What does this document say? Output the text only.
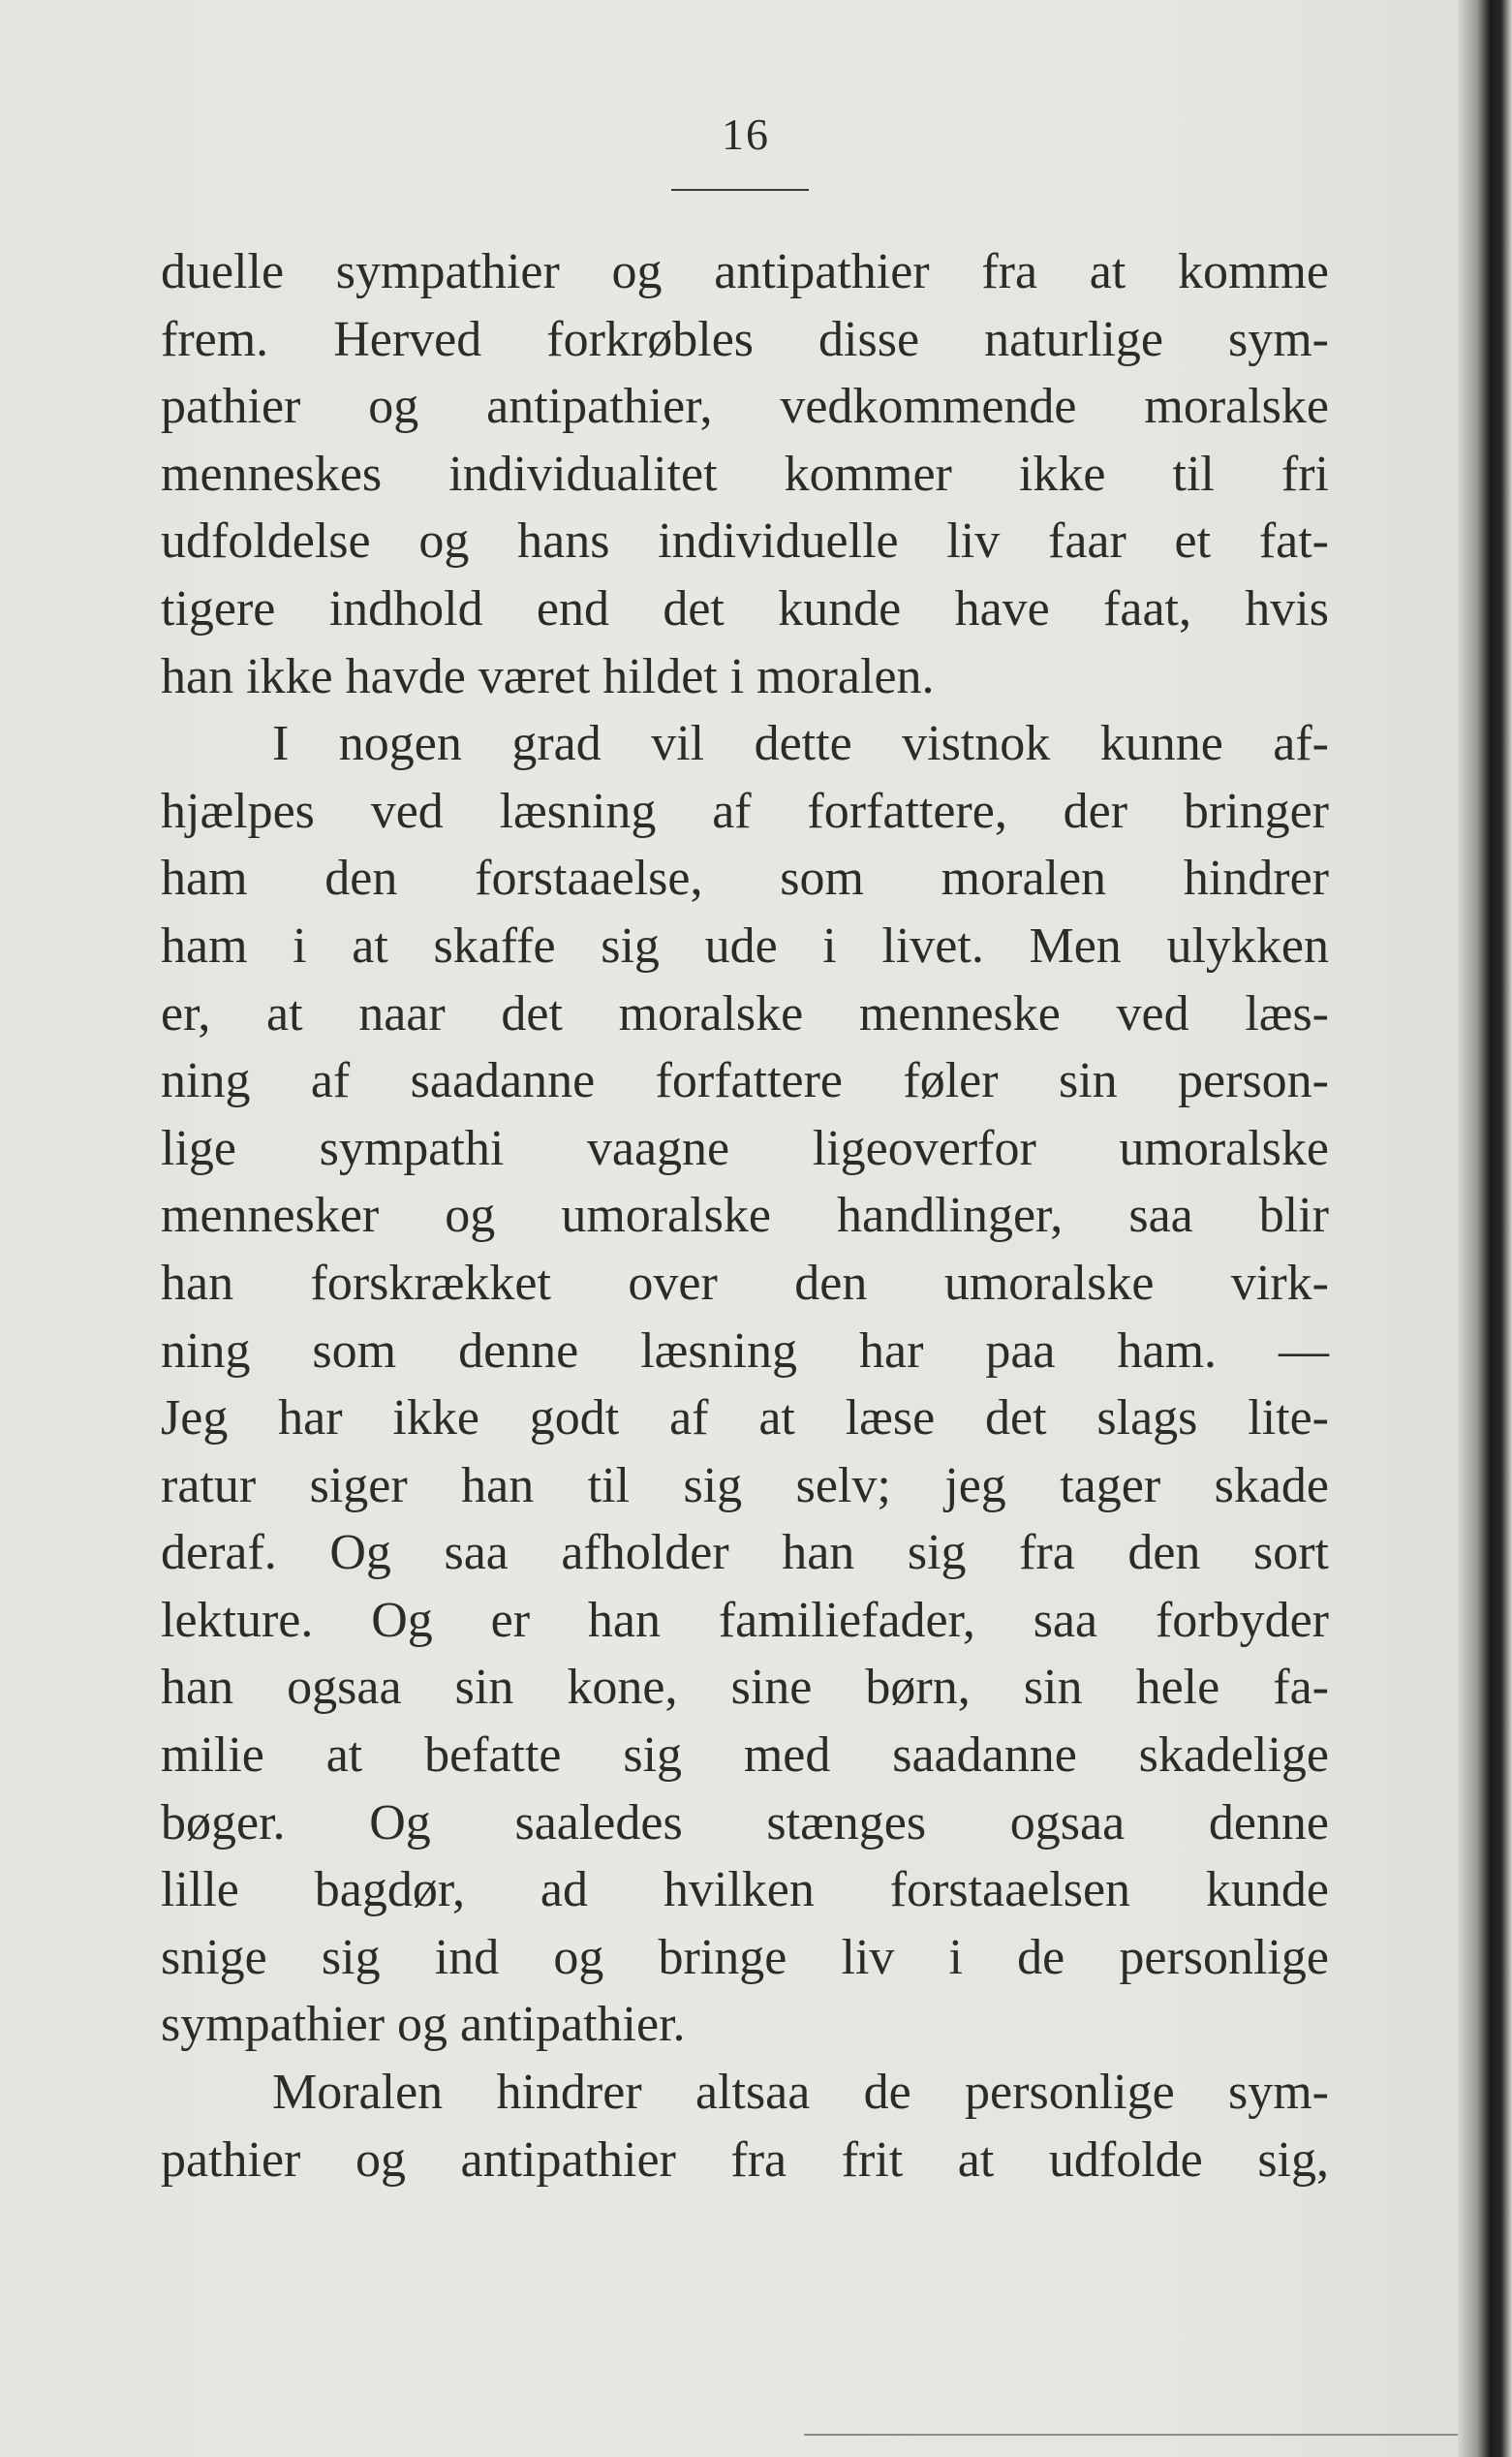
16
duelle sympathier og antipathier fra at komme
frem. Herved forkrøbles disse naturlige sym-
pathier og antipathier, vedkommende moralske
menneskes individualitet kommer ikke til fri
udfoldelse og hans individuelle liv faar et fat-
tigere indhold end det kunde have faat, hvis
han ikke havde været hildet i moralen.
I nogen grad vil dette vistnok kunne af-
hjælpes ved læsning af forfattere, der bringer
ham den forstaaelse, som moralen hindrer
ham i at skaffe sig ude i livet. Men ulykken
er, at naar det moralske menneske ved læs-
ning af saadanne forfattere føler sin person-
lige sympathi vaagne ligeoverfor umoralske
mennesker og umoralske handlinger, saa blir
han forskrækket over den umoralske virk-
ning som denne læsning har paa ham. —
Jeg har ikke godt af at læse det slags lite-
ratur siger han til sig selv; jeg tager skade
deraf. Og saa afholder han sig fra den sort
lekture. Og er han familiefader, saa forbyder
han ogsaa sin kone, sine børn, sin hele fa-
milie at befatte sig med saadanne skadelige
bøger. Og saaledes stænges ogsaa denne
lille bagdør, ad hvilken forstaaelsen kunde
snige sig ind og bringe liv i de personlige
sympathier og antipathier.
Moralen hindrer altsaa de personlige sym-
pathier og antipathier fra frit at udfolde sig,
